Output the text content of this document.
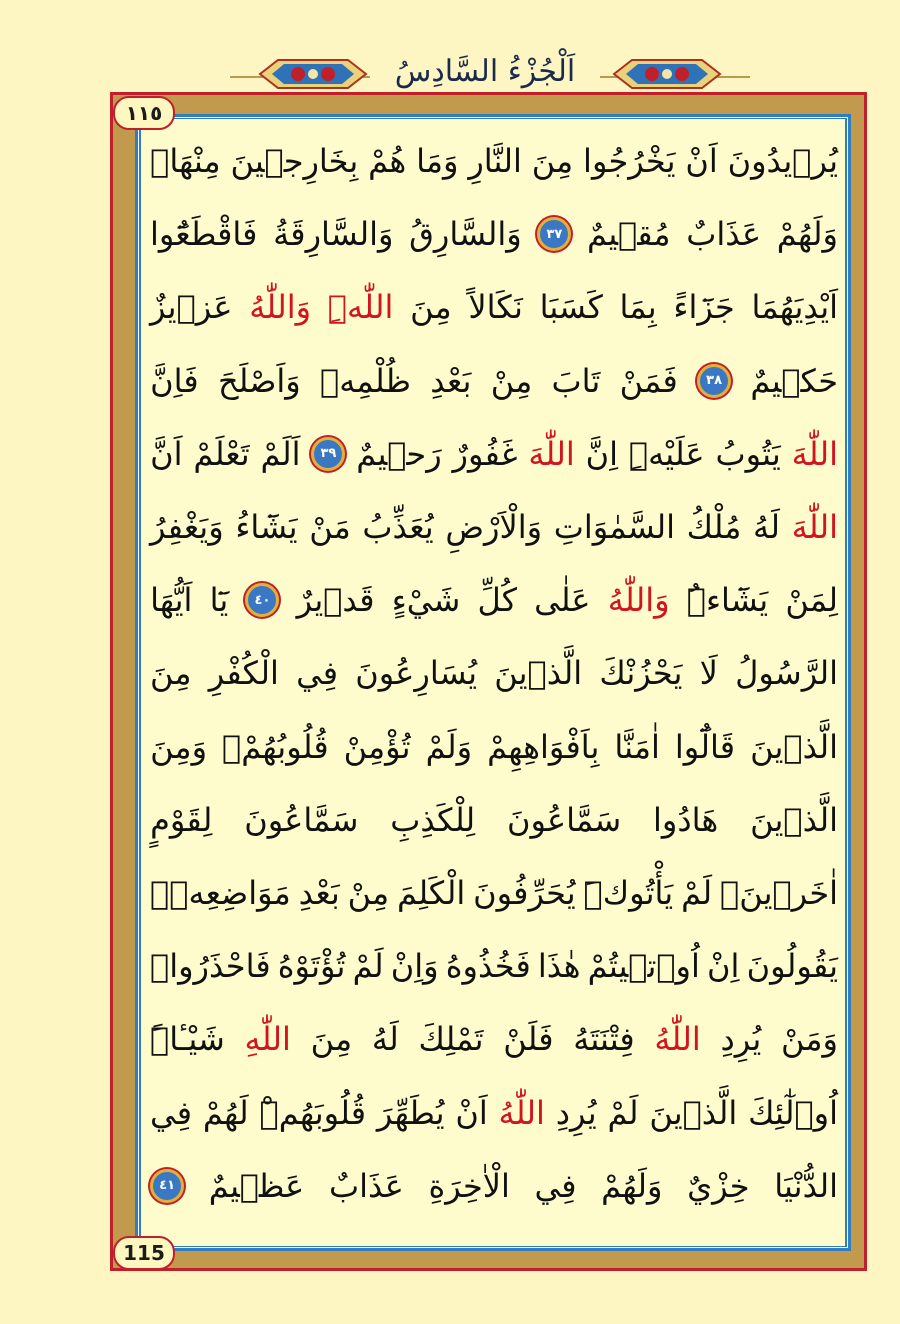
اَلْجُزْءُ السَّادِسُ
١١٥
115
يُر۪يدُونَ
اَنْ
يَخْرُجُوا
مِنَ
النَّارِ
وَمَا
هُمْ
بِخَارِج۪ينَ
مِنْهَاۘ
وَلَهُمْ
عَذَابٌ
مُق۪يمٌ
٣٧
وَالسَّارِقُ
وَالسَّارِقَةُ
فَاقْطَعُٓوا
اَيْدِيَهُمَا
جَزَٓاءً
بِمَا
كَسَبَا
نَكَالاً
مِنَ
اللّٰهِۜ
وَاللّٰهُ
عَز۪يزٌ
حَك۪يمٌ
٣٨
فَمَنْ
تَابَ
مِنْ
بَعْدِ
ظُلْمِه۪
وَاَصْلَحَ
فَاِنَّ
اللّٰهَ
يَتُوبُ
عَلَيْهِۜ
اِنَّ
اللّٰهَ
غَفُورٌ
رَح۪يمٌ
٣٩
اَلَمْ
تَعْلَمْ
اَنَّ
اللّٰهَ
لَهُ
مُلْكُ
السَّمٰوَاتِ
وَالْاَرْضِ
يُعَذِّبُ
مَنْ
يَشَٓاءُ
وَيَغْفِرُ
لِمَنْ
يَشَٓاءُۜ
وَاللّٰهُ
عَلٰى
كُلِّ
شَيْءٍ
قَد۪يرٌ
٤٠
يَٓا
اَيُّهَا
الرَّسُولُ
لَا
يَحْزُنْكَ
الَّذ۪ينَ
يُسَارِعُونَ
فِي
الْكُفْرِ
مِنَ
الَّذ۪ينَ
قَالُٓوا
اٰمَنَّا
بِاَفْوَاهِهِمْ
وَلَمْ
تُؤْمِنْ
قُلُوبُهُمْۚ
وَمِنَ
الَّذ۪ينَ
هَادُوا
سَمَّاعُونَ
لِلْكَذِبِ
سَمَّاعُونَ
لِقَوْمٍ
اٰخَر۪ينَۙ
لَمْ
يَأْتُوكَۜ
يُحَرِّفُونَ
الْكَلِمَ
مِنْ
بَعْدِ
مَوَاضِعِه۪ۚ
يَقُولُونَ
اِنْ
اُو۫ت۪يتُمْ
هٰذَا
فَخُذُوهُ
وَاِنْ
لَمْ
تُؤْتَوْهُ
فَاحْذَرُواۜ
وَمَنْ
يُرِدِ
اللّٰهُ
فِتْنَتَهُ
فَلَنْ
تَمْلِكَ
لَهُ
مِنَ
اللّٰهِ
شَيْـٔاًۜ
اُو۬لٰٓئِكَ
الَّذ۪ينَ
لَمْ
يُرِدِ
اللّٰهُ
اَنْ
يُطَهِّرَ
قُلُوبَهُمْۜ
لَهُمْ
فِي
الدُّنْيَا
خِزْيٌ
وَلَهُمْ
فِي
الْاٰخِرَةِ
عَذَابٌ
عَظ۪يمٌ
٤١
